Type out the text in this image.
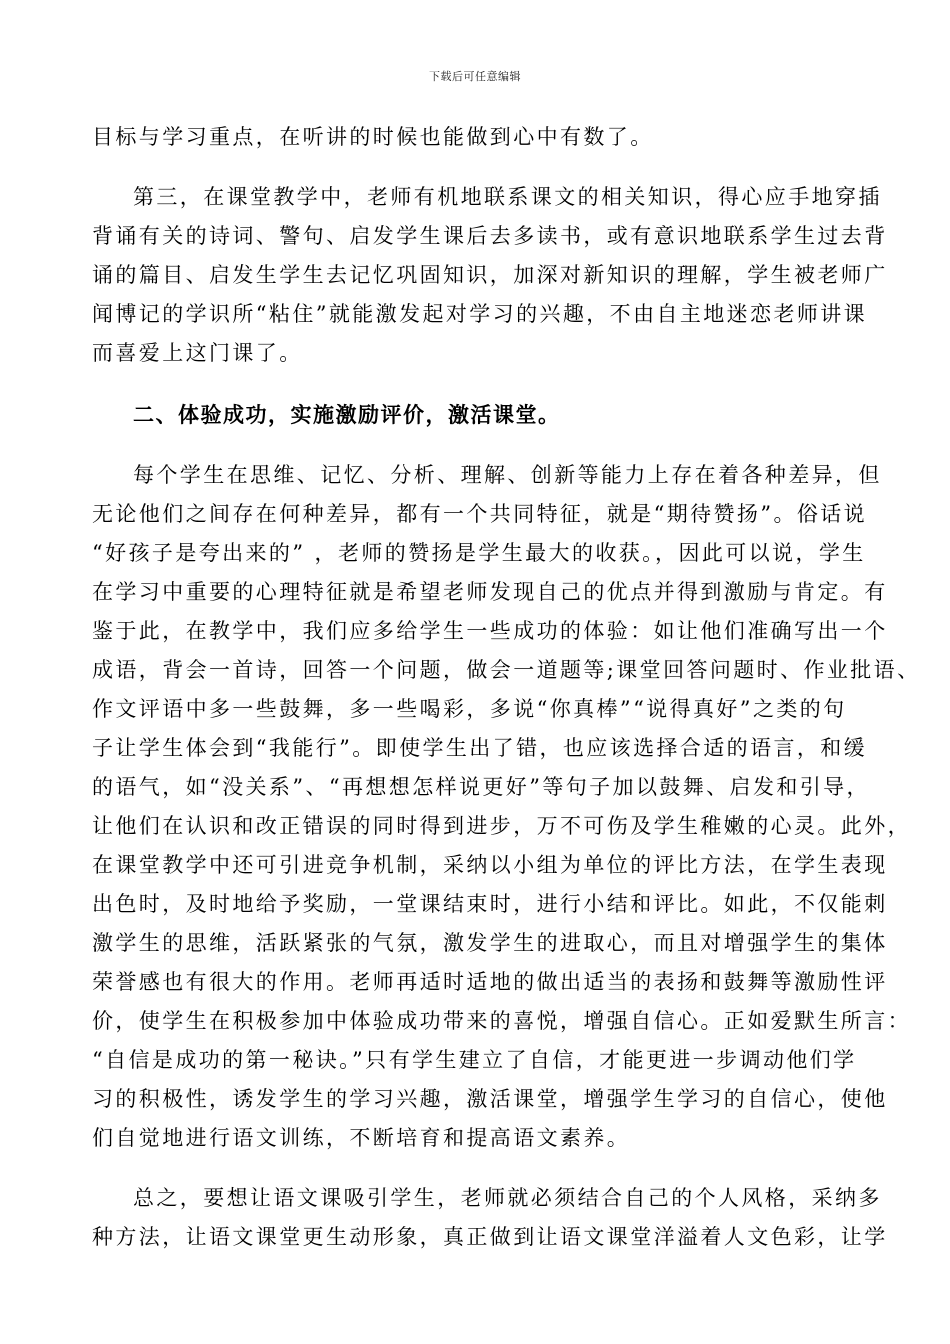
下载后可任意编辑
目标与学习重点，在听讲的时候也能做到心中有数了。
第三，在课堂教学中，老师有机地联系课文的相关知识，得心应手地穿插
背诵有关的诗词、警句、启发学生课后去多读书，或有意识地联系学生过去背
诵的篇目、启发生学生去记忆巩固知识，加深对新知识的理解，学生被老师广
闻博记的学识所“粘住”就能激发起对学习的兴趣，不由自主地迷恋老师讲课
而喜爱上这门课了。
二、体验成功，实施激励评价，激活课堂。
每个学生在思维、记忆、分析、理解、创新等能力上存在着各种差异，但
无论他们之间存在何种差异，都有一个共同特征，就是“期待赞扬”。俗话说
“好孩子是夸出来的” ，老师的赞扬是学生最大的收获。，因此可以说，学生
在学习中重要的心理特征就是希望老师发现自己的优点并得到激励与肯定。有
鉴于此，在教学中，我们应多给学生一些成功的体验：如让他们准确写出一个
成语，背会一首诗，回答一个问题，做会一道题等;课堂回答问题时、作业批语、
作文评语中多一些鼓舞，多一些喝彩，多说“你真棒”“说得真好”之类的句
子让学生体会到“我能行”。即使学生出了错，也应该选择合适的语言，和缓
的语气，如“没关系”、“再想想怎样说更好”等句子加以鼓舞、启发和引导，
让他们在认识和改正错误的同时得到进步，万不可伤及学生稚嫩的心灵。此外，
在课堂教学中还可引进竞争机制，采纳以小组为单位的评比方法，在学生表现
出色时，及时地给予奖励，一堂课结束时，进行小结和评比。如此，不仅能刺
激学生的思维，活跃紧张的气氛，激发学生的进取心，而且对增强学生的集体
荣誉感也有很大的作用。老师再适时适地的做出适当的表扬和鼓舞等激励性评
价，使学生在积极参加中体验成功带来的喜悦，增强自信心。正如爱默生所言：
“自信是成功的第一秘诀。”只有学生建立了自信，才能更进一步调动他们学
习的积极性，诱发学生的学习兴趣，激活课堂，增强学生学习的自信心，使他
们自觉地进行语文训练，不断培育和提高语文素养。
总之，要想让语文课吸引学生，老师就必须结合自己的个人风格，采纳多
种方法，让语文课堂更生动形象，真正做到让语文课堂洋溢着人文色彩，让学
